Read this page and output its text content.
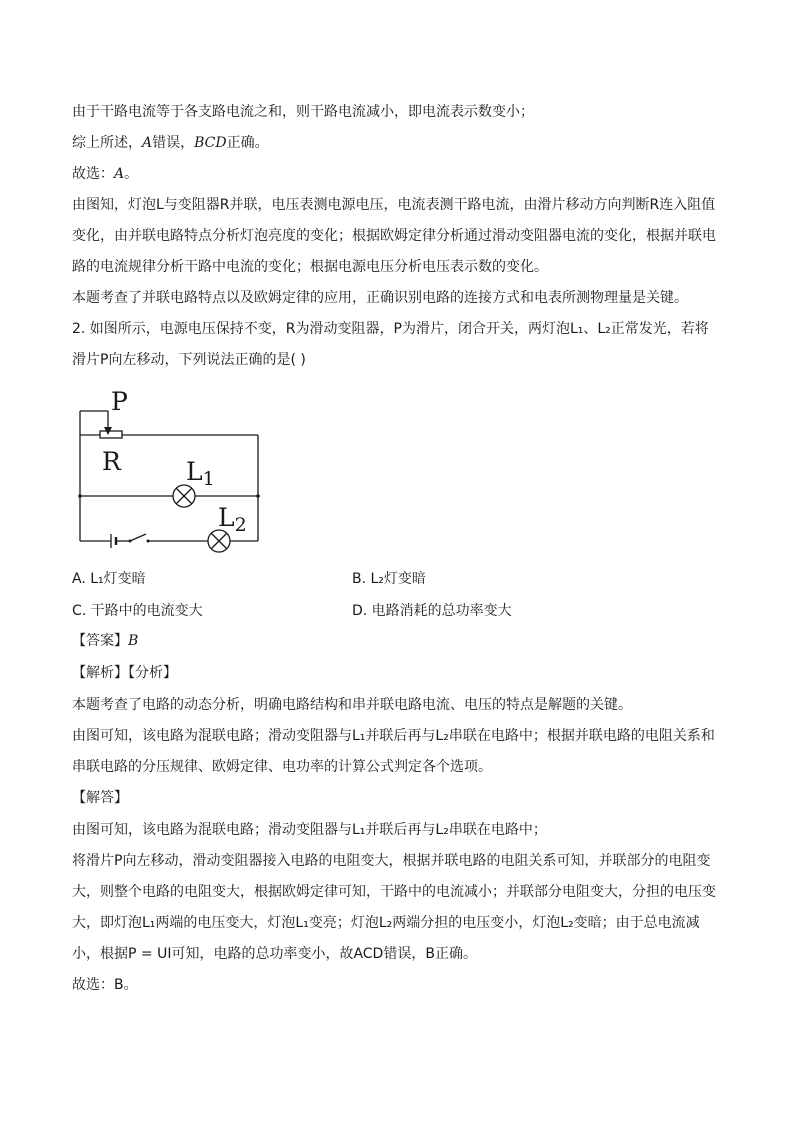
由于干路电流等于各支路电流之和，则干路电流减小，即电流表示数变小；

综上所述，A错误，BCD正确。

故选：A。

由图知，灯泡L与变阻器R并联，电压表测电源电压，电流表测干路电流，由滑片移动方向判断R连入阻值变化，由并联电路特点分析灯泡亮度的变化；根据欧姆定律分析通过滑动变阻器电流的变化，根据并联电路的电流规律分析干路中电流的变化；根据电源电压分析电压表示数的变化。

本题考查了并联电路特点以及欧姆定律的应用，正确识别电路的连接方式和电表所测物理量是关键。

2. 如图所示，电源电压保持不变，R为滑动变阻器，P为滑片，闭合开关，两灯泡L₁、L₂正常发光，若将滑片P向左移动，下列说法正确的是( )

P
R	$L_1$
$L_2$
A. L₁灯变暗	B. L₂灯变暗
C. 干路中的电流变大	D. 电路消耗的总功率变大

【答案】B

【解析】【分析】

本题考查了电路的动态分析，明确电路结构和串并联电路电流、电压的特点是解题的关键。

由图可知，该电路为混联电路；滑动变阻器与L₁并联后再与L₂串联在电路中；根据并联电路的电阻关系和串联电路的分压规律、欧姆定律、电功率的计算公式判定各个选项。

【解答】

由图可知，该电路为混联电路；滑动变阻器与L₁并联后再与L₂串联在电路中；

将滑片P向左移动，滑动变阻器接入电路的电阻变大，根据并联电路的电阻关系可知，并联部分的电阻变大，则整个电路的电阻变大，根据欧姆定律可知，干路中的电流减小；并联部分电阻变大，分担的电压变大，即灯泡L₁两端的电压变大，灯泡L₁变亮；灯泡L₂两端分担的电压变小，灯泡L₂变暗；由于总电流减小，根据P = UI可知，电路的总功率变小，故ACD错误，B正确。

故选：B。
